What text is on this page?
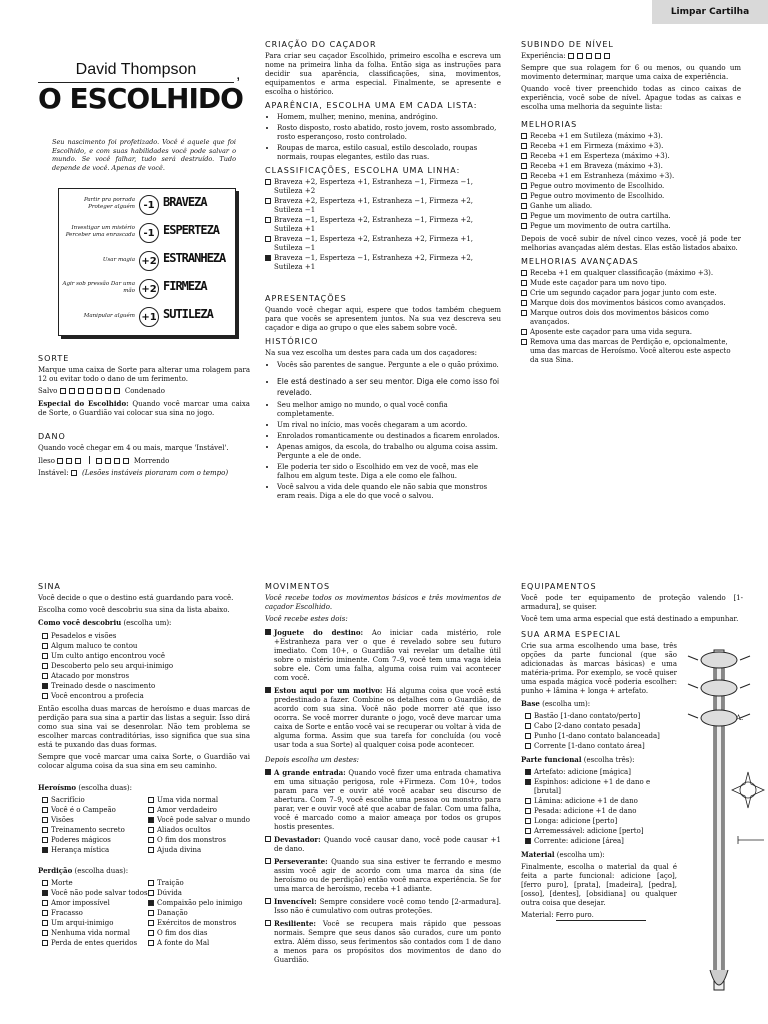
Limpar Cartilha
David Thompson	,
O ESCOLHIDO
Seu nascimento foi profetizado. Você é aquele que foi Escolhido, e com suas habilidades você pode salvar o mundo. Se você falhar, tudo será destruído. Tudo depende de você. Apenas de você.
Partir pra porrada Proteger alguém -1 BRAVEZA
Investigar um mistério Perceber uma enrascada -1 ESPERTEZA
Usar magia +2 ESTRANHEZA
Agir sob pressão Dar uma mão +2 FIRMEZA
Manipular alguém +1 SUTILEZA
SORTE

Marque uma caixa de Sorte para alterar uma rolagem para 12 ou evitar todo o dano de um ferimento.

Salvo	Condenado

Especial do Escolhido: Quando você marcar uma caixa de Sorte, o Guardião vai colocar sua sina no jogo.

DANO

Quando você chegar em 4 ou mais, marque 'Instável'.

Ileso	Morrendo
Instável: (Lesões instáveis pioraram com o tempo)
CRIAÇÃO DO CAÇADOR

Para criar seu caçador Escolhido, primeiro escolha e escreva um nome na primeira linha da folha. Então siga as instruções para decidir sua aparência, classificações, sina, movimentos, equipamentos e arma especial. Finalmente, se apresente e escolha o histórico.

APARÊNCIA, ESCOLHA UMA EM CADA LISTA:
• Homem, mulher, menino, menina, andrógino.
• Rosto disposto, rosto abatido, rosto jovem, rosto assombrado, rosto esperançoso, rosto controlado.
• Roupas de marca, estilo casual, estilo descolado, roupas normais, roupas elegantes, estilo das ruas.
CLASSIFICAÇÕES, ESCOLHA UMA LINHA:
Braveza +2, Esperteza +1, Estranheza −1, Firmeza −1, Sutileza +2
Braveza +2, Esperteza +1, Estranheza −1, Firmeza +2, Sutileza −1
Braveza −1, Esperteza +2, Estranheza −1, Firmeza +2, Sutileza +1
Braveza −1, Esperteza +2, Estranheza +2, Firmeza +1, Sutileza −1
Braveza −1, Esperteza −1, Estranheza +2, Firmeza +2, Sutileza +1
APRESENTAÇÕES

Quando você chegar aqui, espere que todos também cheguem para que vocês se apresentem juntos. Na sua vez descreva seu caçador e diga ao grupo o que eles sabem sobre você.

HISTÓRICO

Na sua vez escolha um destes para cada um dos caçadores:

• Vocês são parentes de sangue. Pergunte a ele o quão próximo.
• Ele está destinado a ser seu mentor. Diga ele como isso foi revelado.
• Seu melhor amigo no mundo, o qual você confia completamente.
• Um rival no início, mas vocês chegaram a um acordo.
• Enrolados romanticamente ou destinados a ficarem enrolados.
• Apenas amigos, da escola, do trabalho ou alguma coisa assim. Pergunte a ele de onde.
• Ele poderia ter sido o Escolhido em vez de você, mas ele falhou em algum teste. Diga a ele como ele falhou.
• Você salvou a vida dele quando ele não sabia que monstros eram reais. Diga a ele do que você o salvou.
SUBINDO DE NÍVEL
Experiência:

Sempre que sua rolagem for 6 ou menos, ou quando um movimento determinar, marque uma caixa de experiência.

Quando você tiver preenchido todas as cinco caixas de experiência, você sobe de nível. Apague todas as caixas e escolha uma melhoria da seguinte lista:

MELHORIAS
Receba +1 em Sutileza (máximo +3).
Receba +1 em Firmeza (máximo +3).
Receba +1 em Esperteza (máximo +3).
Receba +1 em Braveza (máximo +3).
Receba +1 em Estranheza (máximo +3).
Pegue outro movimento de Escolhido.
Pegue outro movimento de Escolhido.
Ganhe um aliado.
Pegue um movimento de outra cartilha.
Pegue um movimento de outra cartilha.

Depois de você subir de nível cinco vezes, você já pode ter melhorias avançadas além destas. Elas estão listados abaixo.

MELHORIAS AVANÇADAS
Receba +1 em qualquer classificação (máximo +3).
Mude este caçador para um novo tipo.
Crie um segundo caçador para jogar junto com este.
Marque dois dos movimentos básicos como avançados.
Marque outros dois dos movimentos básicos como avançados.
Aposente este caçador para uma vida segura.
Remova uma das marcas de Perdição e, opcionalmente, uma das marcas de Heroísmo. Você alterou este aspecto da sua Sina.
SINA

Você decide o que o destino está guardando para você.

Escolha como você descobriu sua sina da lista abaixo.

Como você descobriu (escolha um):

Pesadelos e visões
Algum maluco te contou
Um culto antigo encontrou você
Descoberto pelo seu arqui-inimigo
Atacado por monstros
Treinado desde o nascimento
Você encontrou a profecia

Então escolha duas marcas de heroísmo e duas marcas de perdição para sua sina a partir das listas a seguir. Isso dirá como sua sina vai se desenrolar. Não tem problema se escolher marcas contraditórias, isso significa que sua sina está te puxando das duas formas.

Sempre que você marcar uma caixa Sorte, o Guardião vai colocar alguma coisa da sua sina em seu caminho.

Heroísmo (escolha duas):

Sacrifício
Você é o Campeão
Visões
Treinamento secreto
Poderes mágicos
Herança mística
Uma vida normal
Amor verdadeiro
Você pode salvar o mundo
Aliados ocultos
O fim dos monstros
Ajuda divina

Perdição (escolha duas):

Morte
Você não pode salvar todos
Amor impossível
Fracasso
Um arqui-inimigo
Nenhuma vida normal
Perda de entes queridos
Traição
Dúvida
Compaixão pelo inimigo
Danação
Exércitos de monstros
O fim dos dias
A fonte do Mal
MOVIMENTOS

Você recebe todos os movimentos básicos e três movimentos de caçador Escolhido.

Você recebe estes dois:

Joguete do destino: Ao iniciar cada mistério, role +Estranheza para ver o que é revelado sobre seu futuro imediato. Com 10+, o Guardião vai revelar um detalhe útil sobre o mistério iminente. Com 7–9, você tem uma vaga ideia sobre ele. Com uma falha, alguma coisa ruim vai acontecer com você.
Estou aqui por um motivo: Há alguma coisa que você está predestinado a fazer. Combine os detalhes com o Guardião, de acordo com sua sina. Você não pode morrer até que isso ocorra. Se você morrer durante o jogo, você deve marcar uma caixa de Sorte e então você vai se recuperar ou voltar à vida de alguma forma. Assim que sua tarefa for concluída (ou você usar toda a sua Sorte) al qualquer coisa pode acontecer.

Depois escolha um destes:

A grande entrada: Quando você fizer uma entrada chamativa em uma situação perigosa, role +Firmeza. Com 10+, todos param para ver e ouvir até você acabar seu discurso de abertura. Com 7–9, você escolhe uma pessoa ou monstro para parar, ver e ouvir você até que acabar de falar. Com uma falha, você é marcado como a maior ameaça por todos os grupos hostis presentes.
Devastador: Quando você causar dano, você pode causar +1 de dano.
Perseverante: Quando sua sina estiver te ferrando e mesmo assim você agir de acordo com uma marca da sina (de heroísmo ou de perdição) então você marca experiência. Se for uma marca de heroísmo, receba +1 adiante.
Invencível: Sempre considere você como tendo [2-armadura]. Isso não é cumulativo com outras proteções.
Resiliente: Você se recupera mais rápido que pessoas normais. Sempre que seus danos são curados, cure um ponto extra. Além disso, seus ferimentos são contados com 1 de dano a menos para os propósitos dos movimentos de dano do Guardião.
EQUIPAMENTOS

Você pode ter equipamento de proteção valendo [1-armadura], se quiser.

Você tem uma arma especial que está destinado a empunhar.

SUA ARMA ESPECIAL

Crie sua arma escolhendo uma base, três opções da parte funcional (que são adicionadas às marcas básicas) e uma matéria-prima. Por exemplo, se você quiser uma espada mágica você poderia escolher: punho + lâmina + longa + artefato.

Base (escolha um):

Bastão [1-dano contato/perto]
Cabo [2-dano contato pesada]
Punho [1-dano contato balanceada]
Corrente [1-dano contato área]

Parte funcional (escolha três):

Artefato: adicione [mágica]
Espinhos: adicione +1 de dano e [brutal]
Lâmina: adicione +1 de dano
Pesada: adicione +1 de dano
Longa: adicione [perto]
Arremessável: adicione [perto]
Corrente: adicione [área]

Material (escolha um):

Finalmente, escolha o material da qual é feita a parte funcional: adicione [aço], [ferro puro], [prata], [madeira], [pedra], [osso], [dentes], [obsidiana] ou qualquer outra coisa que desejar.

Material: Ferro puro.
A.
